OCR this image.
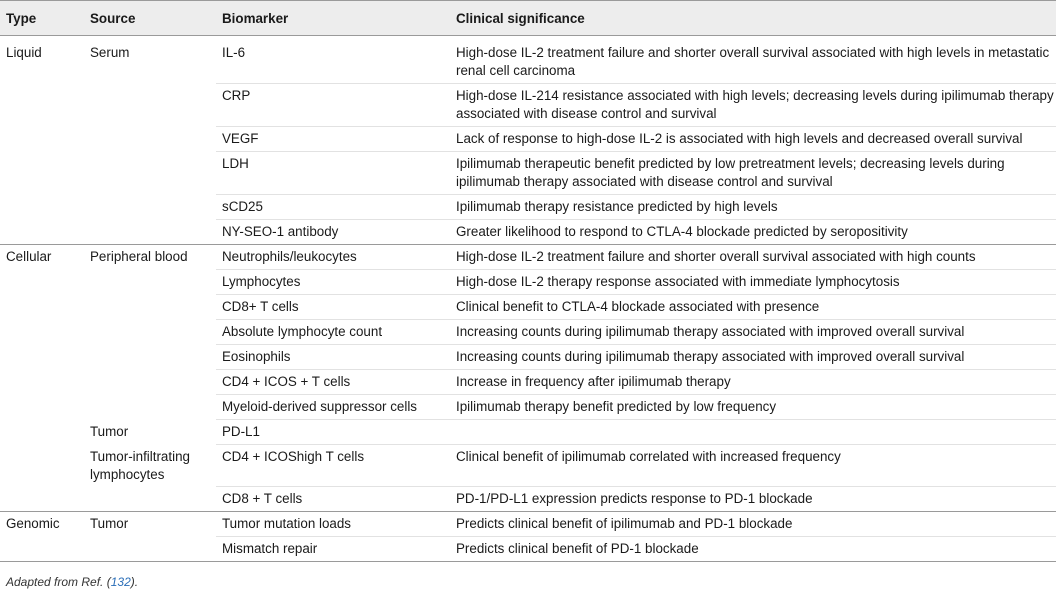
Type	Source	Biomarker	Clinical significance
Liquid	Serum	IL-6	High-dose IL-2 treatment failure and shorter overall survival associated with high levels in metastatic renal cell carcinoma
		CRP	High-dose IL-214 resistance associated with high levels; decreasing levels during ipilimumab therapy associated with disease control and survival
		VEGF	Lack of response to high-dose IL-2 is associated with high levels and decreased overall survival
		LDH	Ipilimumab therapeutic benefit predicted by low pretreatment levels; decreasing levels during ipilimumab therapy associated with disease control and survival
		sCD25	Ipilimumab therapy resistance predicted by high levels
		NY-SEO-1 antibody	Greater likelihood to respond to CTLA-4 blockade predicted by seropositivity
Cellular	Peripheral blood	Neutrophils/leukocytes	High-dose IL-2 treatment failure and shorter overall survival associated with high counts
		Lymphocytes	High-dose IL-2 therapy response associated with immediate lymphocytosis
		CD8+ T cells	Clinical benefit to CTLA-4 blockade associated with presence
		Absolute lymphocyte count	Increasing counts during ipilimumab therapy associated with improved overall survival
		Eosinophils	Increasing counts during ipilimumab therapy associated with improved overall survival
		CD4 + ICOS + T cells	Increase in frequency after ipilimumab therapy
		Myeloid-derived suppressor cells	Ipilimumab therapy benefit predicted by low frequency
	Tumor	PD-L1	
	Tumor-infiltrating lymphocytes	CD4 + ICOShigh T cells	Clinical benefit of ipilimumab correlated with increased frequency
		CD8 + T cells	PD-1/PD-L1 expression predicts response to PD-1 blockade
Genomic	Tumor	Tumor mutation loads	Predicts clinical benefit of ipilimumab and PD-1 blockade
		Mismatch repair	Predicts clinical benefit of PD-1 blockade
Adapted from Ref. (132).
